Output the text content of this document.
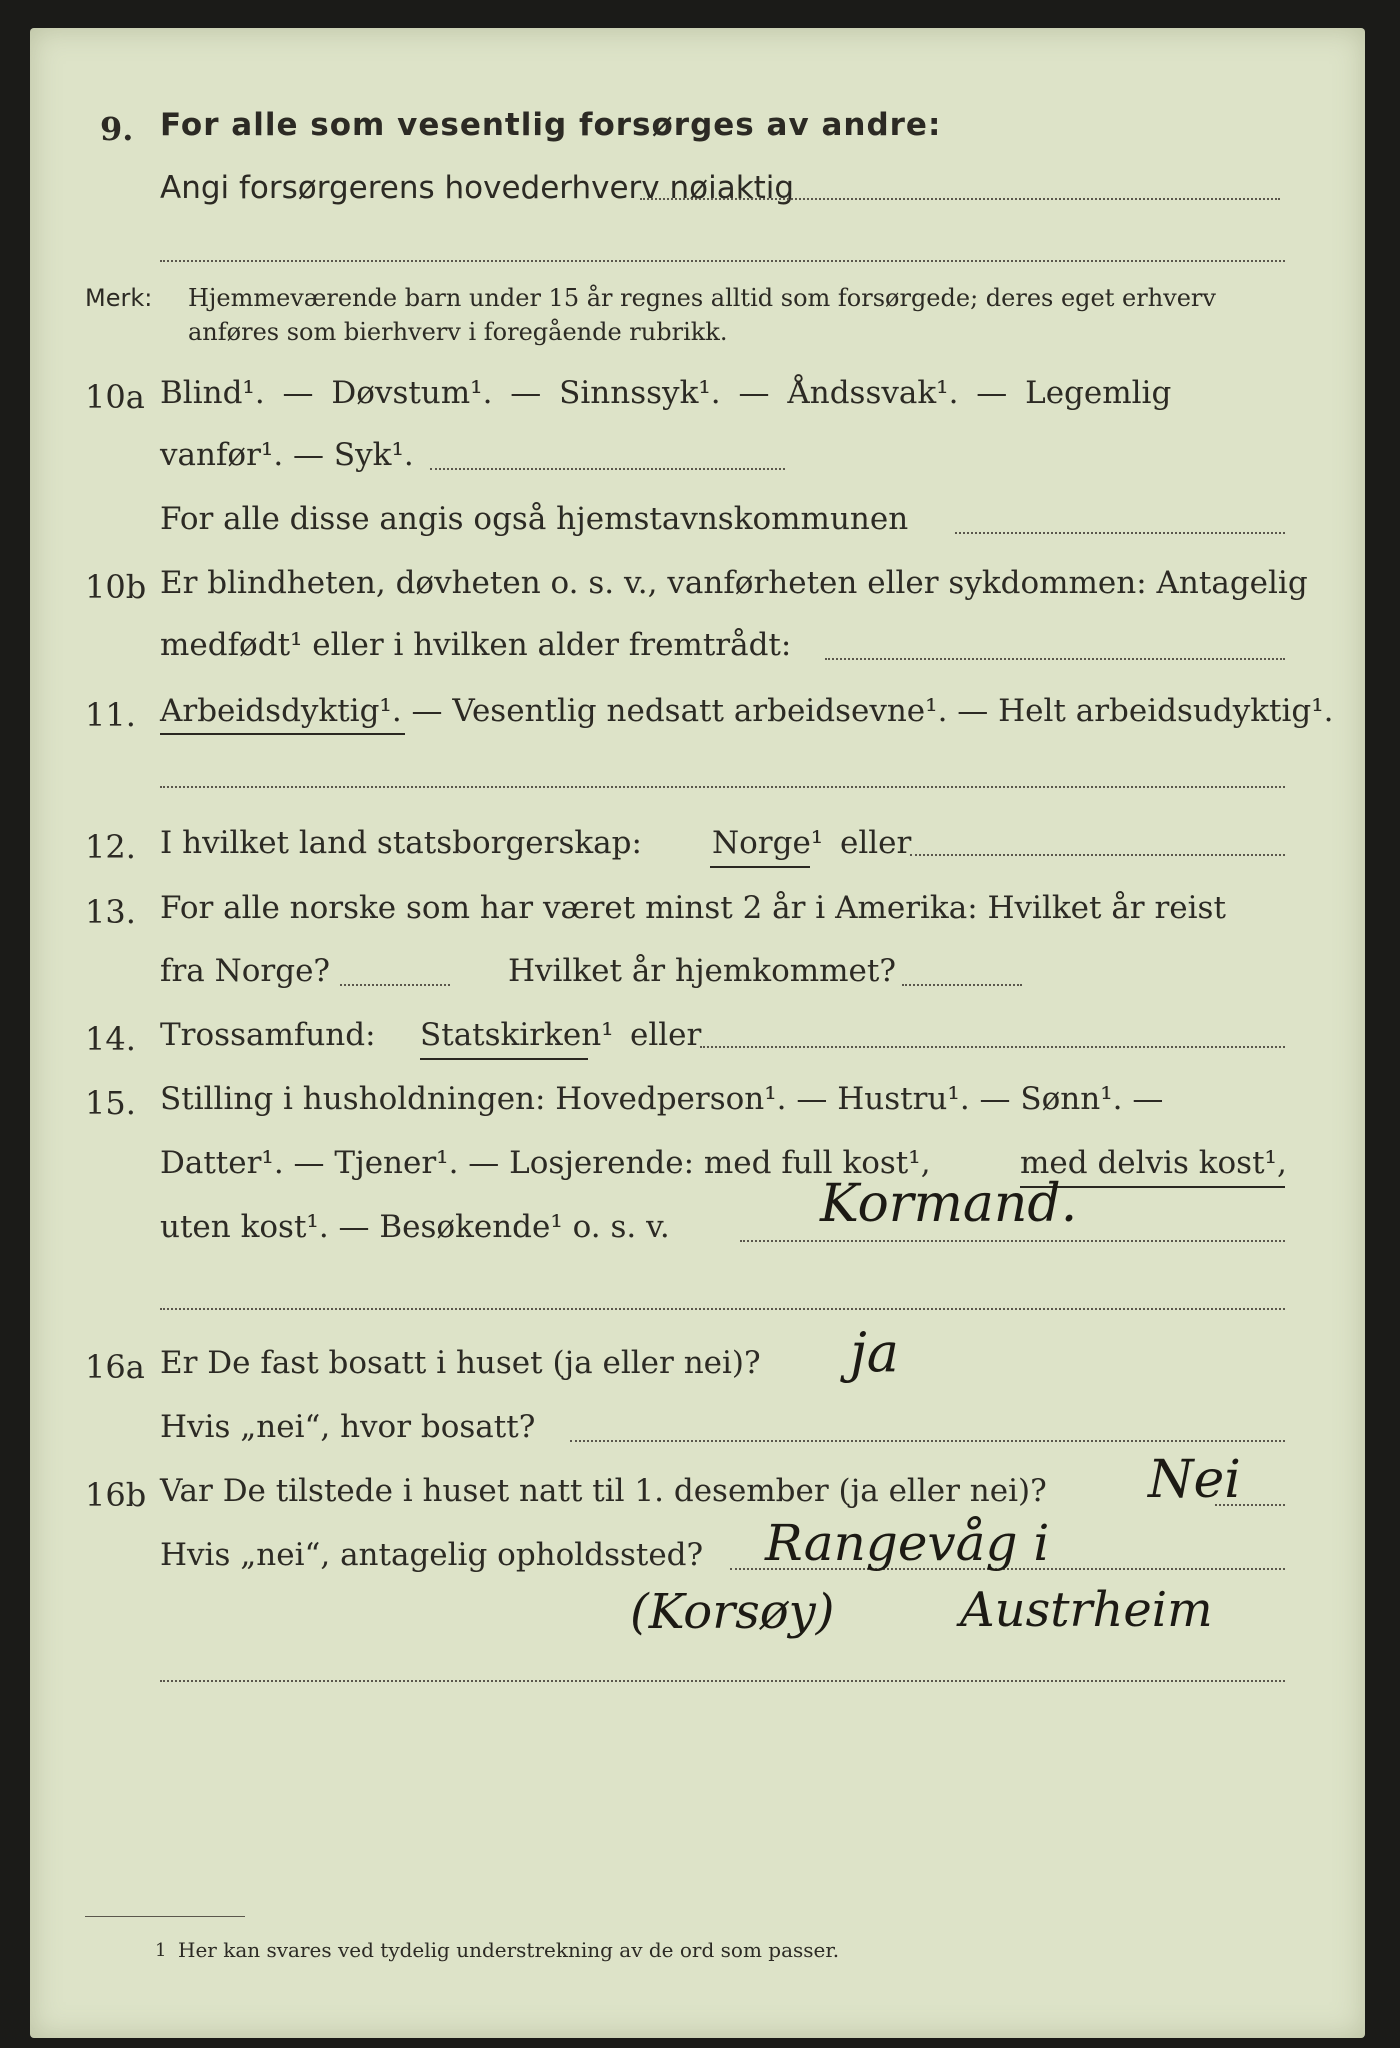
9. For alle som vesentlig forsørges av andre:
Angi forsørgerens hovederhverv nøiaktig
Merk: Hjemmeværende barn under 15 år regnes alltid som forsørgede; deres eget erhverv
anføres som bierhverv i foregående rubrikk.
10a Blind¹. — Døvstum¹. — Sinnssyk¹. — Åndssvak¹. — Legemlig
vanfør¹. — Syk¹.
For alle disse angis også hjemstavnskommunen
10b Er blindheten, døvheten o. s. v., vanførheten eller sykdommen: Antagelig
medfødt¹ eller i hvilken alder fremtrådt:
11. Arbeidsdyktig¹. — Vesentlig nedsatt arbeidsevne¹. — Helt arbeidsudyktig¹.
12. I hvilket land statsborgerskap: Norge¹ eller
13. For alle norske som har været minst 2 år i Amerika: Hvilket år reist
fra Norge?	Hvilket år hjemkommet?
14. Trossamfund: Statskirken¹ eller
15. Stilling i husholdningen: Hovedperson¹. — Hustru¹. — Sønn¹. —
Datter¹. — Tjener¹. — Losjerende: med full kost¹,	med delvis kost¹,
uten kost¹. — Besøkende¹ o. s. v.	Kormand.
16a Er De fast bosatt i huset (ja eller nei)? ja
Hvis „nei“, hvor bosatt?
16b Var De tilstede i huset natt til 1. desember (ja eller nei)? Nei
Hvis „nei“, antagelig opholdssted? Rangevåg i
(Korsøy)	Austrheim
1 Her kan svares ved tydelig understrekning av de ord som passer.
